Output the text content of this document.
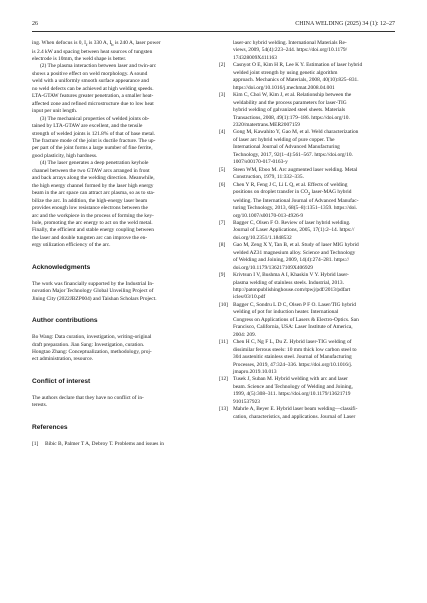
26	CHINA WELDING (2025) 34 (1): 12–27
ing. When defocus is 0, $I_f$ is 330 A, $I_b$ is 240 A, laser power
is 2.4 kW and spacing between heat sources of tungsten
electrode is 10mm, the weld shape is better.
(2) The plasma interaction between laser and twin-arc
shows a positive effect on weld morphology. A sound
weld with a uniformly smooth surface appearance and
no weld defects can be achieved at high welding speeds.
LTA-GTAW features greater penetration, a smaller heat-
affected zone and refined microstructure due to low heat
input per unit length.
(3) The mechanical properties of welded joints ob-
tained by LTA-GTAW are excellent, and the tensile
strength of welded joints is 121.8% of that of base metal.
The fracture mode of the joint is ductile fracture. The up-
per part of the joint forms a large number of fine ferrite,
good plasticity, high hardness.
(4) The laser generates a deep penetration keyhole
channel between the two GTAW arcs arranged in front
and back arrays along the welding direction. Meanwhile,
the high energy channel formed by the laser high energy
beam in the arc space can attract arc plasma, so as to sta-
bilize the arc. In addition, the high-energy laser beam
provides enough low resistance electrons between the
arc and the workpiece in the process of forming the key-
hole, promoting the arc energy to act on the weld metal.
Finally, the efficient and stable energy coupling between
the laser and double tungsten arc can improve the en-
ergy utilization efficiency of the arc.
Acknowledgments
The work was financially supported by the Industrial In-
novation Major Technology Global Unveiling Project of
Jining City (2022JBZP004) and Taishan Scholars Project.
Author contributions
Bo Wang: Data curation, investigation, writing-original
draft preparation. Jian Sang: Investigation, curation.
Hongtao Zhang: Conceptualization, methodology, proj-
ect administration, resource.
Conflict of interest
The authors declare that they have no conflict of in-
terests.
References
[1]	Bibic B, Palmer T A, Debroy T. Problems and issues in
laser-arc hybrid welding. International Materials Re-
views, 2009, 54(4):223–244. https://doi.org/10.1179/
174328009X411163
[2]	Casnyot O E, Kim H R, Lee K Y. Estimation of laser hybrid
welded joint strength by using genetic algorithm
approach. Mechanics of Materials, 2008, 40(10):825–831.
https://doi.org/10.1016/j.mechmat.2008.04.001
[3]	Kim C, Choi W, Kim J, et al. Relationship between the
weldability and the process parameters for laser-TIG
hybrid welding of galvanized steel sheets. Materials
Transactions, 2008, 49(1):179–186. https://doi.org/10.
2320/matertrans.MER2007159
[4]	Gong M, Kawahito Y, Gao M, et al. Weld characterization
of laser arc hybrid welding of pure copper. The
International Journal of Advanced Manufacturing
Technology, 2017, 92(1–4):561–567. https://doi.org/10.
1007/s00170-017-0163-y
[5]	Steen WM, Eboo M. Arc augmented laser welding. Metal
Construction, 1979, 11:332–335.
[6]	Chen Y R, Feng J C, Li L Q, et al. Effects of welding
positions on droplet transfer in $CO_2$ laser-MAG hybrid
welding. The International Journal of Advanced Manufac-
turing Technology, 2013, 68(5–8):1351–1359. https://doi.
org/10.1007/s00170-013-4926-9
[7]	Bagger C, Olsen F O. Review of laser hybrid welding.
Journal of Laser Applications, 2005, 17(1):2–14. https://
doi.org/10.2351/1.1848532
[8]	Gao M, Zeng X Y, Tan B, et al. Study of laser MIG hybrid
welded AZ31 magnesium alloy. Science and Technology
of Welding and Joining, 2009, 14(4):274–281. https://
doi.org/10.1179/136217109X406929
[9]	Krivtsun I V, Bushma A I, Khaskin V Y. Hybrid laser-
plasma welding of stainless steels. Industrial, 2013.
http://patonpublishinghouse.com/tpwj/pdf/2013/pdfart
icles/03/10.pdf
[10] Bagger C, Sondru L D C, Olsen P F O. Laser/TIG hybrid
welding of pot for induction heater. International
Congress on Applications of Lasers & Electro-Optics. San
Francisco, California, USA: Laser Institute of America,
2004: 209.
[11] Chen H C, Ng F L, Du Z. Hybrid laser-TIG welding of
dissimilar ferrous steels: 10 mm thick low carbon steel to
304 austenitic stainless steel. Journal of Manufacturing
Processes, 2019, 47:324–336. https://doi.org/10.1016/j.
jmapro.2019.10.013
[12] Tusek J, Suban M. Hybrid welding with arc and laser
beam. Science and Technology of Welding and Joining,
1999, 4(5):308–311. https://doi.org/10.1179/13621719
9101537923
[13] Mahrle A, Beyer E. Hybrid laser beam welding—classifi-
cation, characteristics, and applications. Journal of Laser
